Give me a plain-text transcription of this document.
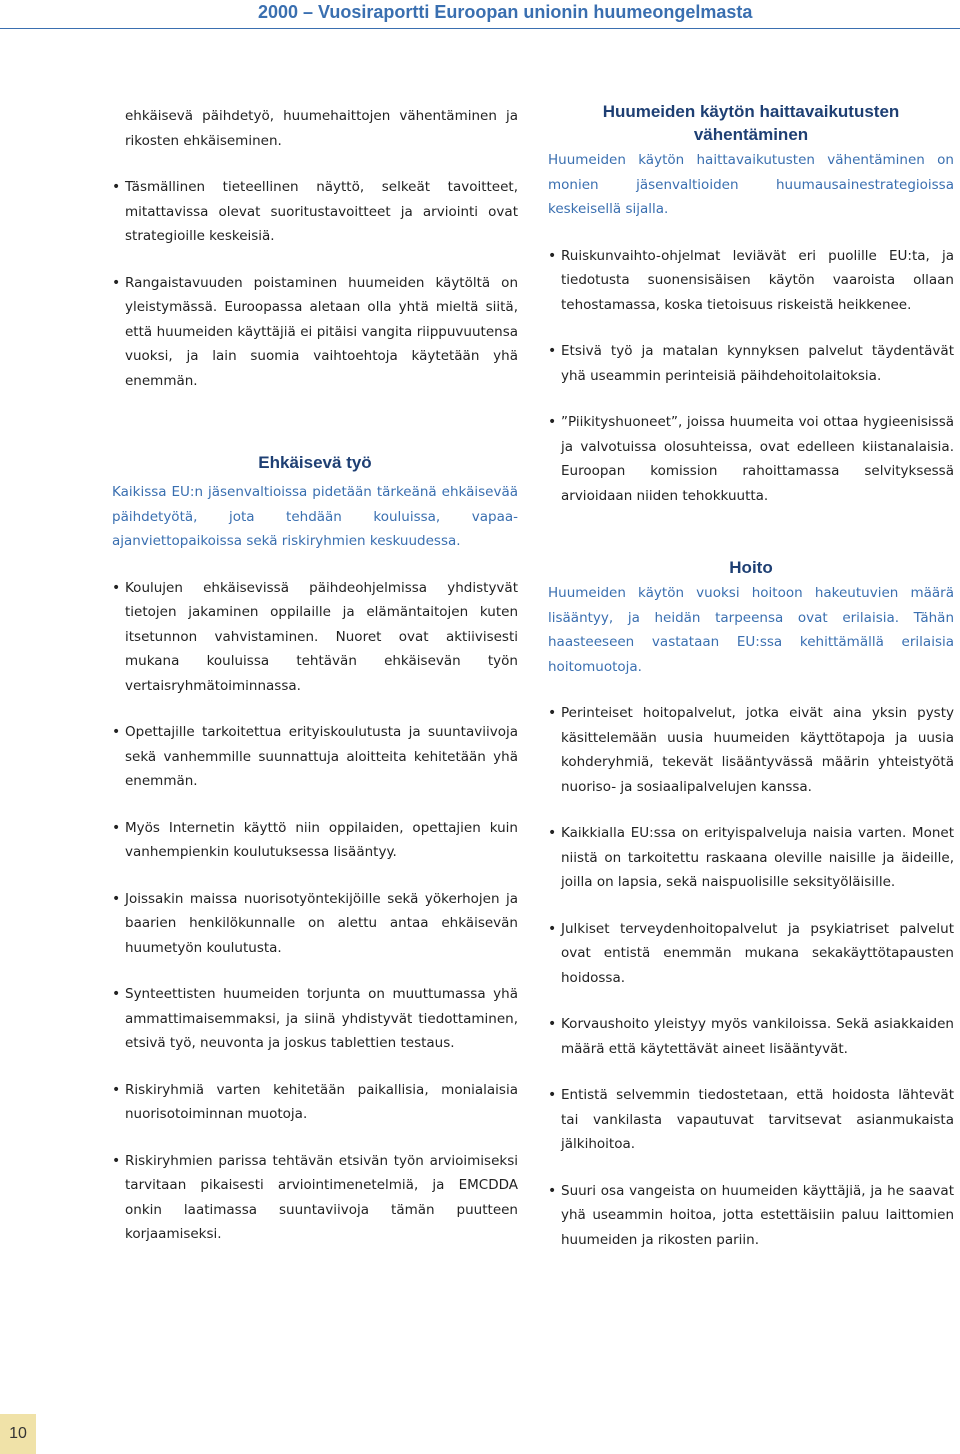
2000 – Vuosiraportti Euroopan unionin huumeongelmasta

ehkäisevä päihdetyö, huumehaittojen vähentäminen ja rikosten ehkäiseminen.

• Täsmällinen tieteellinen näyttö, selkeät tavoitteet, mitattavissa olevat suoritustavoitteet ja arviointi ovat strategioille keskeisiä.
• Rangaistavuuden poistaminen huumeiden käytöltä on yleistymässä. Euroopassa aletaan olla yhtä mieltä siitä, että huumeiden käyttäjiä ei pitäisi vangita riippuvuutensa vuoksi, ja lain suomia vaihtoehtoja käytetään yhä enemmän.
Ehkäisevä työ

Kaikissa EU:n jäsenvaltioissa pidetään tärkeänä ehkäisevää päihdetyötä, jota tehdään kouluissa, vapaa-ajanviettopaikoissa sekä riskiryhmien keskuudessa.

• Koulujen ehkäisevissä päihdeohjelmissa yhdistyvät tietojen jakaminen oppilaille ja elämäntaitojen kuten itsetunnon vahvistaminen. Nuoret ovat aktiivisesti mukana kouluissa tehtävän ehkäisevän työn vertaisryhmätoiminnassa.
• Opettajille tarkoitettua erityiskoulutusta ja suuntaviivoja sekä vanhemmille suunnattuja aloitteita kehitetään yhä enemmän.
• Myös Internetin käyttö niin oppilaiden, opettajien kuin vanhempienkin koulutuksessa lisääntyy.
• Joissakin maissa nuorisotyöntekijöille sekä yökerhojen ja baarien henkilökunnalle on alettu antaa ehkäisevän huumetyön koulutusta.
• Synteettisten huumeiden torjunta on muuttumassa yhä ammattimaisemmaksi, ja siinä yhdistyvät tiedottaminen, etsivä työ, neuvonta ja joskus tablettien testaus.
• Riskiryhmiä varten kehitetään paikallisia, monialaisia nuorisotoiminnan muotoja.
• Riskiryhmien parissa tehtävän etsivän työn arvioimiseksi tarvitaan pikaisesti arviointimenetelmiä, ja EMCDDA onkin laatimassa suuntaviivoja tämän puutteen korjaamiseksi.
Huumeiden käytön haittavaikutusten vähentäminen

Huumeiden käytön haittavaikutusten vähentäminen on monien jäsenvaltioiden huumausainestrategioissa keskeisellä sijalla.

• Ruiskunvaihto-ohjelmat leviävät eri puolille EU:ta, ja tiedotusta suonensisäisen käytön vaaroista ollaan tehostamassa, koska tietoisuus riskeistä heikkenee.
• Etsivä työ ja matalan kynnyksen palvelut täydentävät yhä useammin perinteisiä päihdehoitolaitoksia.
• ”Piikityshuoneet”, joissa huumeita voi ottaa hygieenisissä ja valvotuissa olosuhteissa, ovat edelleen kiistanalaisia. Euroopan komission rahoittamassa selvityksessä arvioidaan niiden tehokkuutta.
Hoito

Huumeiden käytön vuoksi hoitoon hakeutuvien määrä lisääntyy, ja heidän tarpeensa ovat erilaisia. Tähän haasteeseen vastataan EU:ssa kehittämällä erilaisia hoitomuotoja.

• Perinteiset hoitopalvelut, jotka eivät aina yksin pysty käsittelemään uusia huumeiden käyttötapoja ja uusia kohderyhmiä, tekevät lisääntyvässä määrin yhteistyötä nuoriso- ja sosiaalipalvelujen kanssa.
• Kaikkialla EU:ssa on erityispalveluja naisia varten. Monet niistä on tarkoitettu raskaana oleville naisille ja äideille, joilla on lapsia, sekä naispuolisille seksityöläisille.
• Julkiset terveydenhoitopalvelut ja psykiatriset palvelut ovat entistä enemmän mukana sekakäyttötapausten hoidossa.
• Korvaushoito yleistyy myös vankiloissa. Sekä asiakkaiden määrä että käytettävät aineet lisääntyvät.
• Entistä selvemmin tiedostetaan, että hoidosta lähtevät tai vankilasta vapautuvat tarvitsevat asianmukaista jälkihoitoa.
• Suuri osa vangeista on huumeiden käyttäjiä, ja he saavat yhä useammin hoitoa, jotta estettäisiin paluu laittomien huumeiden ja rikosten pariin.
10
